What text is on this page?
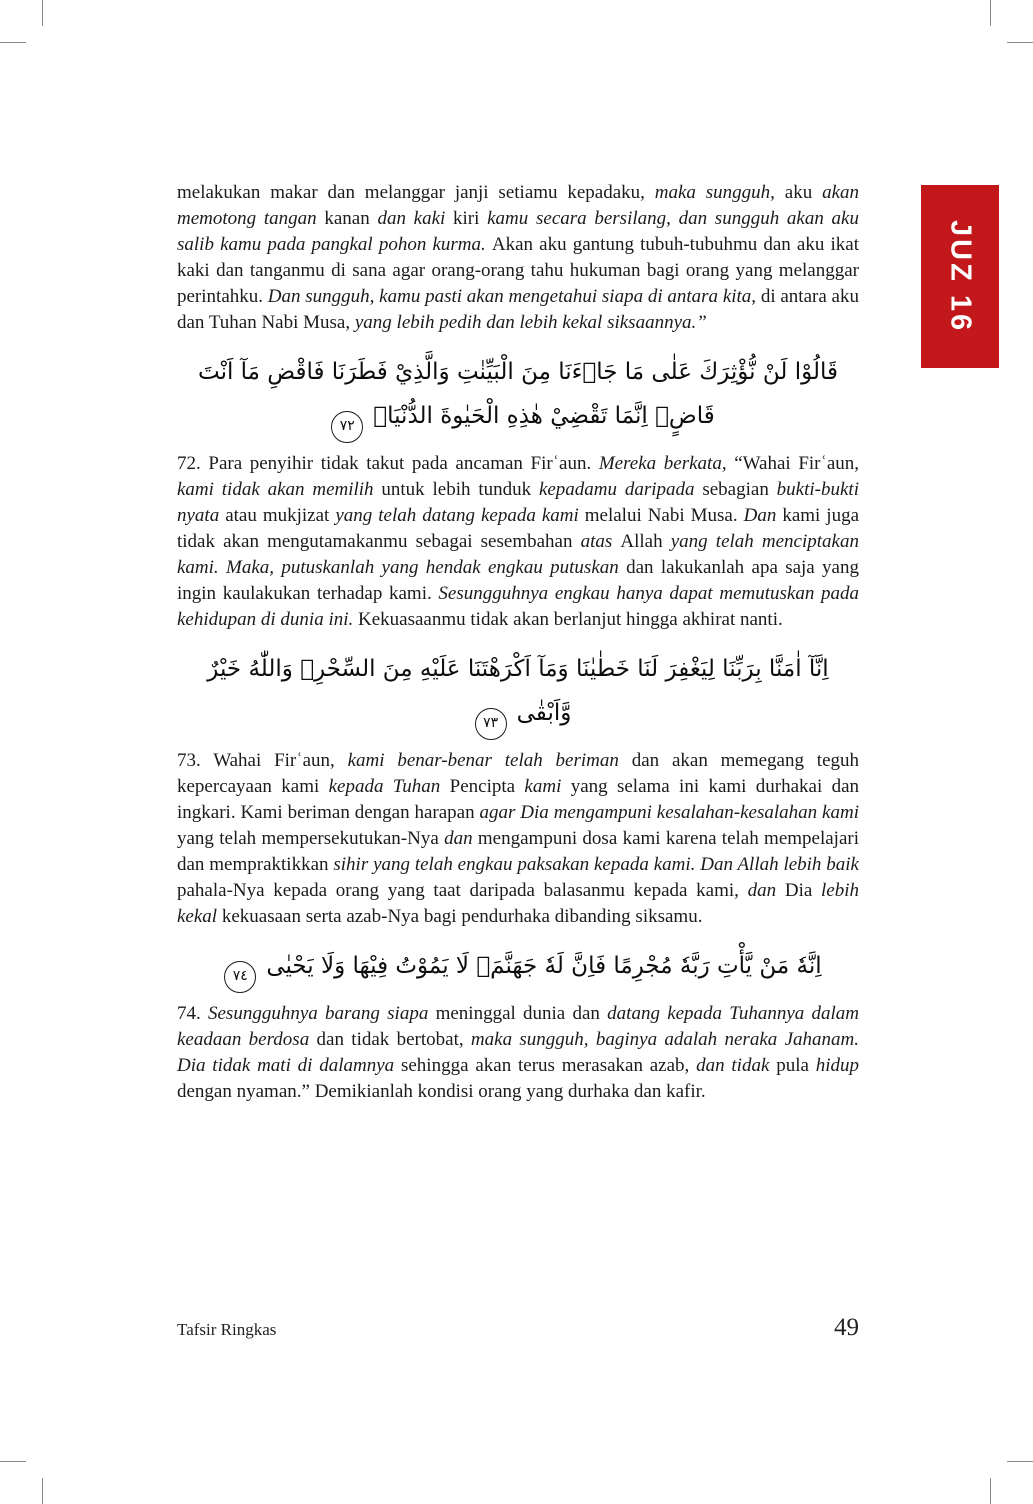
JUZ 16

melakukan makar dan melanggar janji setiamu kepadaku, maka sungguh, aku akan memotong tangan kanan dan kaki kiri kamu secara bersilang, dan sungguh akan aku salib kamu pada pangkal pohon kurma. Akan aku gantung tubuh-tubuhmu dan aku ikat kaki dan tanganmu di sana agar orang-orang tahu hukuman bagi orang yang melanggar perintahku. Dan sungguh, kamu pasti akan mengetahui siapa di antara kita, di antara aku dan Tuhan Nabi Musa, yang lebih pedih dan lebih kekal siksaannya.”

قَالُوْا لَنْ نُّؤْثِرَكَ عَلٰى مَا جَاۤءَنَا مِنَ الْبَيِّنٰتِ وَالَّذِيْ فَطَرَنَا فَاقْضِ مَآ اَنْتَ قَاضٍۗ اِنَّمَا تَقْضِيْ هٰذِهِ الْحَيٰوةَ الدُّنْيَاۗ٧٢

72. Para penyihir tidak takut pada ancaman Firʿaun. Mereka berkata, “Wahai Firʿaun, kami tidak akan memilih untuk lebih tunduk kepadamu daripada sebagian bukti-bukti nyata atau mukjizat yang telah datang kepada kami melalui Nabi Musa. Dan kami juga tidak akan mengutamakanmu sebagai sesembahan atas Allah yang telah menciptakan kami. Maka, putuskanlah yang hendak engkau putuskan dan lakukanlah apa saja yang ingin kaulakukan terhadap kami. Sesungguhnya engkau hanya dapat memutuskan pada kehidupan di dunia ini. Kekuasaanmu tidak akan berlanjut hingga akhirat nanti.

اِنَّآ اٰمَنَّا بِرَبِّنَا لِيَغْفِرَ لَنَا خَطٰيٰنَا وَمَآ اَكْرَهْتَنَا عَلَيْهِ مِنَ السِّحْرِۗ وَاللّٰهُ خَيْرٌ وَّاَبْقٰى٧٣

73. Wahai Firʿaun, kami benar-benar telah beriman dan akan memegang teguh kepercayaan kami kepada Tuhan Pencipta kami yang selama ini kami durhakai dan ingkari. Kami beriman dengan harapan agar Dia mengampuni kesalahan-kesalahan kami yang telah mempersekutukan-Nya dan mengampuni dosa kami karena telah mempelajari dan mempraktikkan sihir yang telah engkau paksakan kepada kami. Dan Allah lebih baik pahala-Nya kepada orang yang taat daripada balasanmu kepada kami, dan Dia lebih kekal kekuasaan serta azab-Nya bagi pendurhaka dibanding siksamu.

اِنَّهٗ مَنْ يَّأْتِ رَبَّهٗ مُجْرِمًا فَاِنَّ لَهٗ جَهَنَّمَۗ لَا يَمُوْتُ فِيْهَا وَلَا يَحْيٰى٧٤

74. Sesungguhnya barang siapa meninggal dunia dan datang kepada Tuhannya dalam keadaan berdosa dan tidak bertobat, maka sungguh, baginya adalah neraka Jahanam. Dia tidak mati di dalamnya sehingga akan terus merasakan azab, dan tidak pula hidup dengan nyaman.” Demikianlah kondisi orang yang durhaka dan kafir.

Tafsir Ringkas	49
